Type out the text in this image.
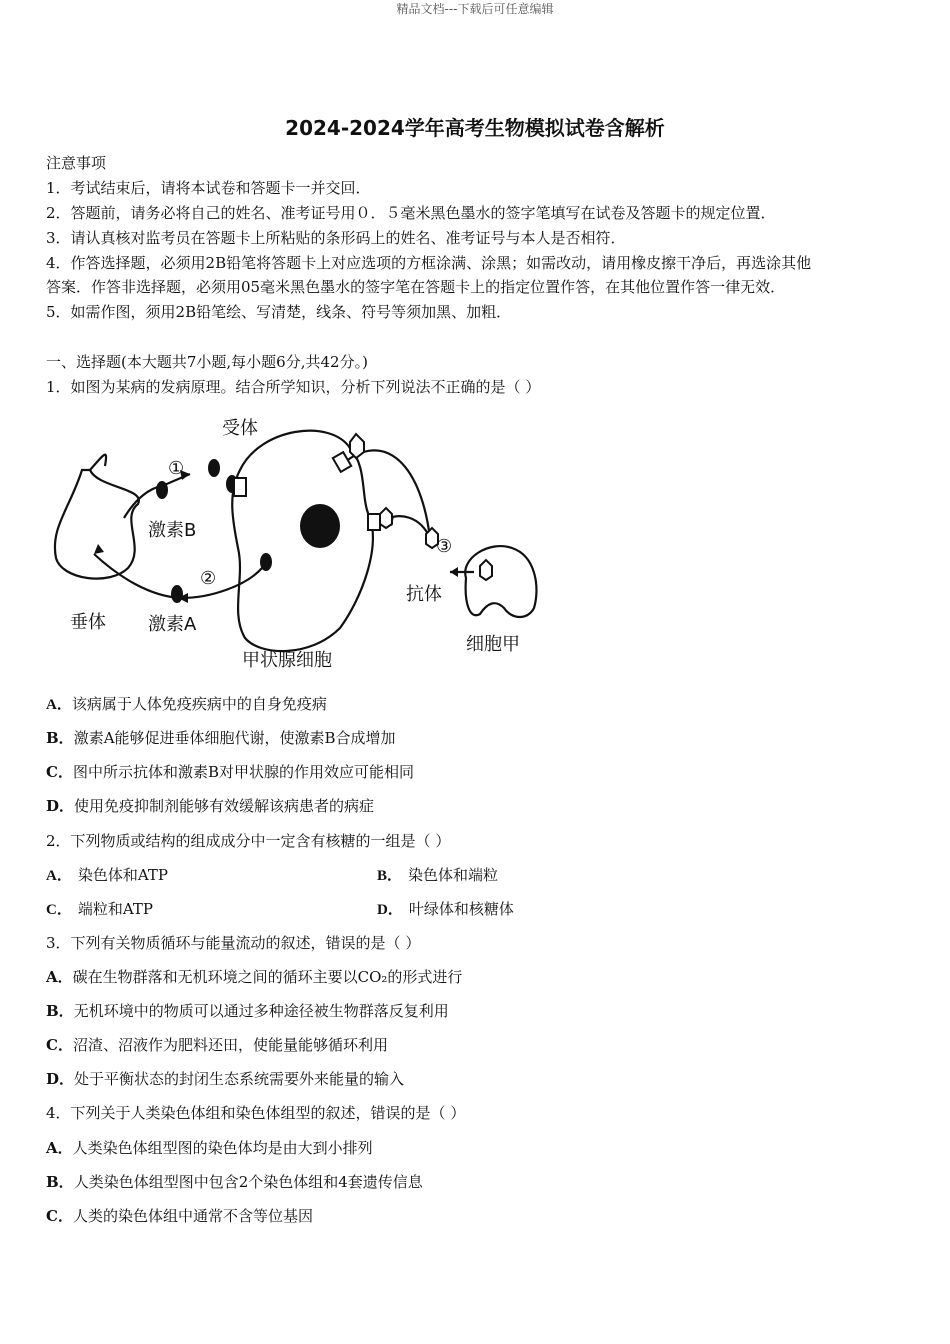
精品文档---下载后可任意编辑
2024-2024学年高考生物模拟试卷含解析
注意事项
1．考试结束后，请将本试卷和答题卡一并交回．
2．答题前，请务必将自己的姓名、准考证号用０．５毫米黑色墨水的签字笔填写在试卷及答题卡的规定位置．
3．请认真核对监考员在答题卡上所粘贴的条形码上的姓名、准考证号与本人是否相符．
4．作答选择题，必须用2B铅笔将答题卡上对应选项的方框涂满、涂黑；如需改动，请用橡皮擦干净后，再选涂其他
答案．作答非选择题，必须用05毫米黑色墨水的签字笔在答题卡上的指定位置作答，在其他位置作答一律无效．
5．如需作图，须用2B铅笔绘、写清楚，线条、符号等须加黑、加粗．
一、选择题(本大题共7小题,每小题6分,共42分。)
1．如图为某病的发病原理。结合所学知识，分析下列说法不正确的是（ ）
受体
①
激素B
②
激素A
垂体
甲状腺细胞
③
抗体
细胞甲
A．该病属于人体免疫疾病中的自身免疫病
B．激素A能够促进垂体细胞代谢，使激素B合成增加
C．图中所示抗体和激素B对甲状腺的作用效应可能相同
D．使用免疫抑制剂能够有效缓解该病患者的病症
2．下列物质或结构的组成成分中一定含有核糖的一组是（ ）
A． 染色体和ATP	B． 染色体和端粒
C． 端粒和ATP	D． 叶绿体和核糖体
3．下列有关物质循环与能量流动的叙述，错误的是（ ）
A．碳在生物群落和无机环境之间的循环主要以CO₂的形式进行
B．无机环境中的物质可以通过多种途径被生物群落反复利用
C．沼渣、沼液作为肥料还田，使能量能够循环利用
D．处于平衡状态的封闭生态系统需要外来能量的输入
4．下列关于人类染色体组和染色体组型的叙述，错误的是（ ）
A．人类染色体组型图的染色体均是由大到小排列
B．人类染色体组型图中包含2个染色体组和4套遗传信息
C．人类的染色体组中通常不含等位基因
